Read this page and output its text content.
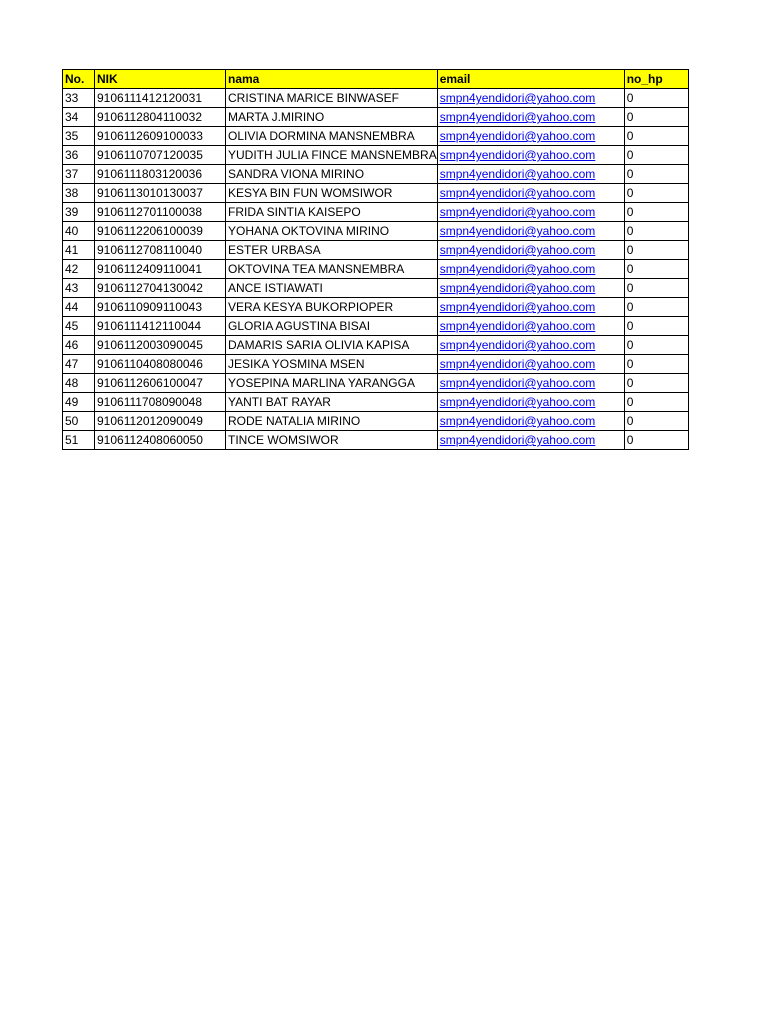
No.	NIK	nama	email	no_hp
33	9106111412120031	CRISTINA MARICE BINWASEF	smpn4yendidori@yahoo.com	0
34	9106112804110032	MARTA J.MIRINO	smpn4yendidori@yahoo.com	0
35	9106112609100033	OLIVIA DORMINA MANSNEMBRA	smpn4yendidori@yahoo.com	0
36	9106110707120035	YUDITH JULIA FINCE MANSNEMBRA	smpn4yendidori@yahoo.com	0
37	9106111803120036	SANDRA VIONA MIRINO	smpn4yendidori@yahoo.com	0
38	9106113010130037	KESYA BIN FUN WOMSIWOR	smpn4yendidori@yahoo.com	0
39	9106112701100038	FRIDA SINTIA KAISEPO	smpn4yendidori@yahoo.com	0
40	9106112206100039	YOHANA OKTOVINA MIRINO	smpn4yendidori@yahoo.com	0
41	9106112708110040	ESTER URBASA	smpn4yendidori@yahoo.com	0
42	9106112409110041	OKTOVINA TEA MANSNEMBRA	smpn4yendidori@yahoo.com	0
43	9106112704130042	ANCE ISTIAWATI	smpn4yendidori@yahoo.com	0
44	9106110909110043	VERA KESYA BUKORPIOPER	smpn4yendidori@yahoo.com	0
45	9106111412110044	GLORIA AGUSTINA BISAI	smpn4yendidori@yahoo.com	0
46	9106112003090045	DAMARIS SARIA OLIVIA KAPISA	smpn4yendidori@yahoo.com	0
47	9106110408080046	JESIKA YOSMINA MSEN	smpn4yendidori@yahoo.com	0
48	9106112606100047	YOSEPINA MARLINA YARANGGA	smpn4yendidori@yahoo.com	0
49	9106111708090048	YANTI BAT RAYAR	smpn4yendidori@yahoo.com	0
50	9106112012090049	RODE NATALIA MIRINO	smpn4yendidori@yahoo.com	0
51	9106112408060050	TINCE WOMSIWOR	smpn4yendidori@yahoo.com	0
